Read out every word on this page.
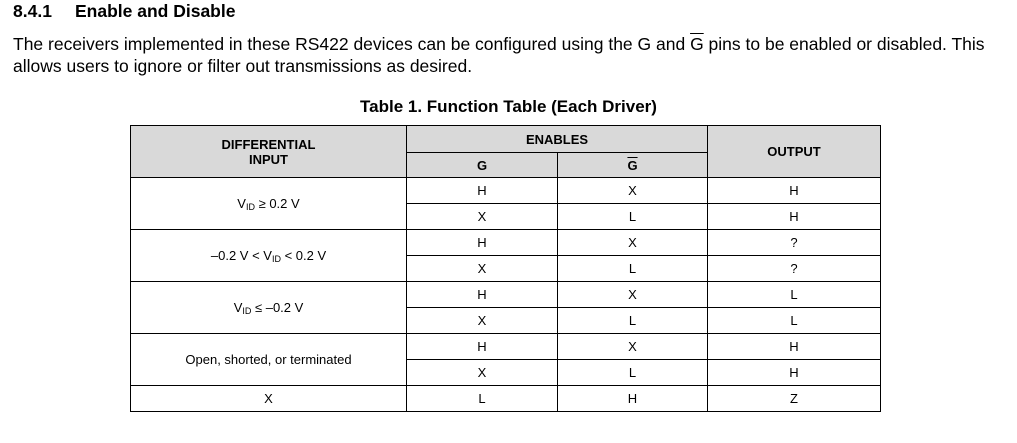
8.4.1 Enable and Disable
The receivers implemented in these RS422 devices can be configured using the G and $\overline{G}$ pins to be enabled or disabled. This allows users to ignore or filter out transmissions as desired.
Table 1. Function Table (Each Driver)
DIFFERENTIAL
INPUT	ENABLES		OUTPUT
	G	$\overline{G}$
$V_{ID} \ge 0.2$ V	H	X	H
	X	L	H
–0.2 $V < V_{ID} < 0.2$ V	H	X	?
	X	L	?
$V_{ID} \le -0.2$ V	H	X	L
	X	L	L
Open, shorted, or terminated	H	X	H
	X	L	H
X	L	H	Z
